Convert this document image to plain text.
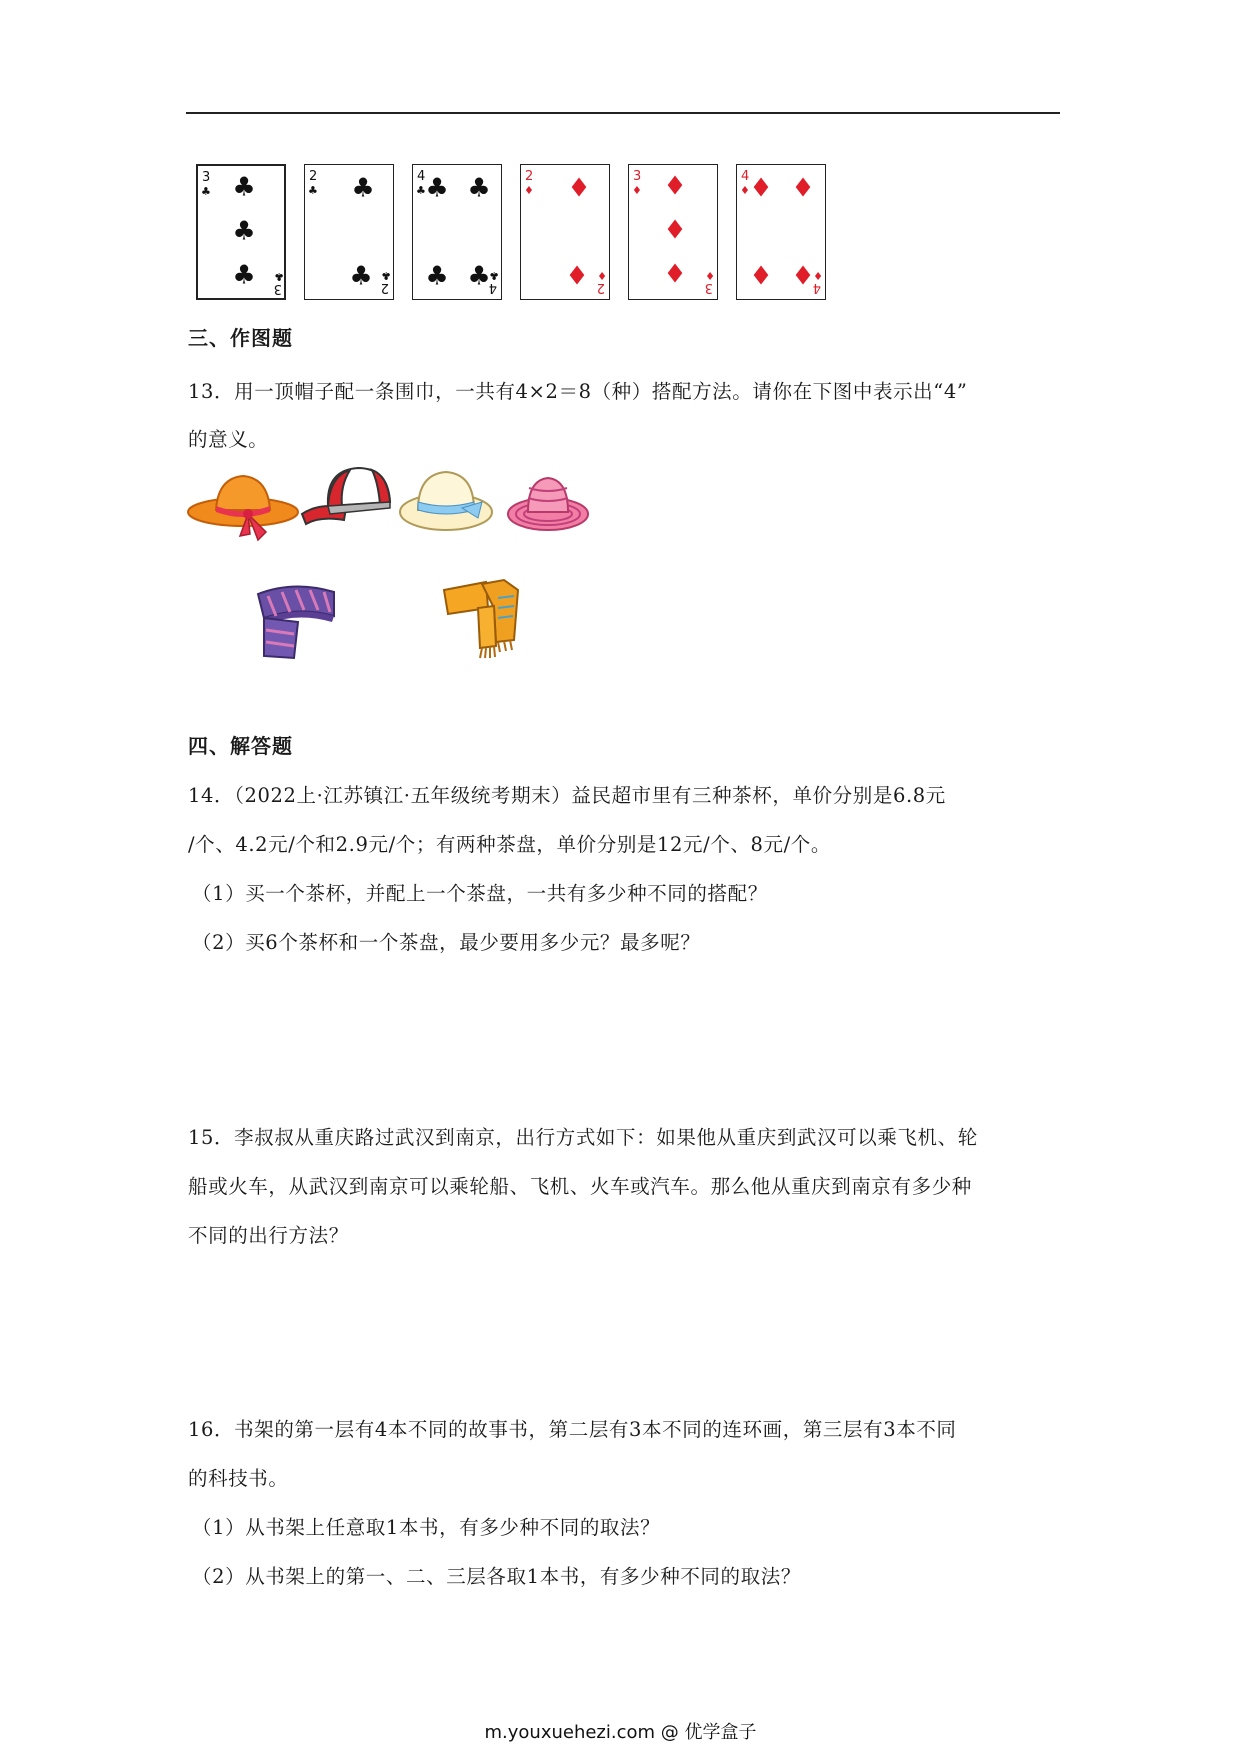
3
♣
3
♣
♣
♣
♣
2
♣
2
♣
♣
♣
4
♣
4
♣
♣ ♣
♣ ♣
2
♦
2
♦
♦
♦
3
♦
3
♦
♦
♦
♦
4
♦
4
♦
♦ ♦
♦ ♦
三、作图题
13．用一顶帽子配一条围巾，一共有4×2＝8（种）搭配方法。请你在下图中表示出“4”
的意义。
四、解答题
14．（2022上·江苏镇江·五年级统考期末）益民超市里有三种茶杯，单价分别是6.8元
/个、4.2元/个和2.9元/个；有两种茶盘，单价分别是12元/个、8元/个。
（1）买一个茶杯，并配上一个茶盘，一共有多少种不同的搭配？
（2）买6个茶杯和一个茶盘，最少要用多少元？最多呢？
15．李叔叔从重庆路过武汉到南京，出行方式如下：如果他从重庆到武汉可以乘飞机、轮
船或火车，从武汉到南京可以乘轮船、飞机、火车或汽车。那么他从重庆到南京有多少种
不同的出行方法？
16．书架的第一层有4本不同的故事书，第二层有3本不同的连环画，第三层有3本不同
的科技书。
（1）从书架上任意取1本书，有多少种不同的取法？
（2）从书架上的第一、二、三层各取1本书，有多少种不同的取法？
m.youxuehezi.com @ 优学盒子
